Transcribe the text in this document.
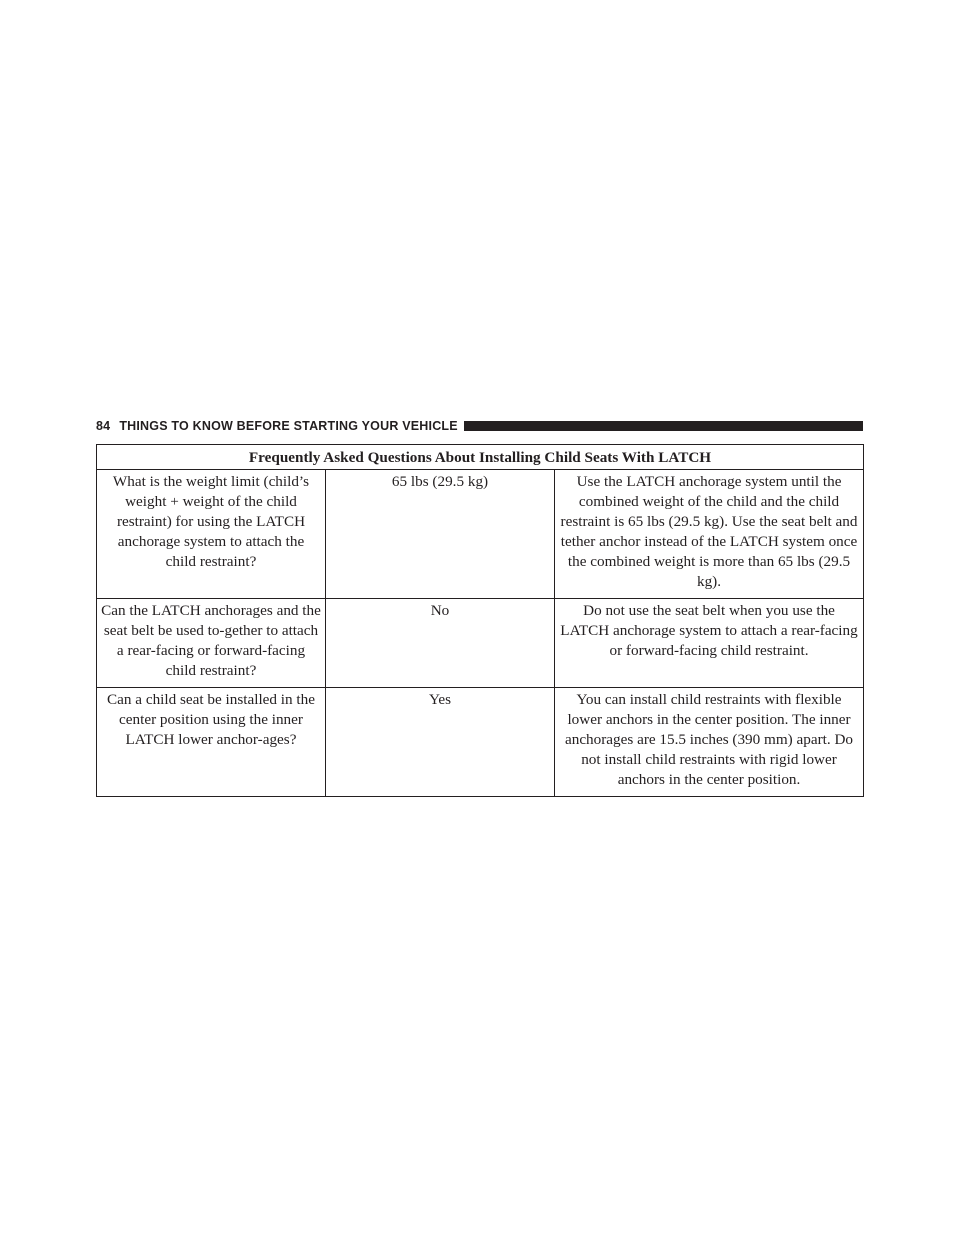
84 THINGS TO KNOW BEFORE STARTING YOUR VEHICLE
Frequently Asked Questions About Installing Child Seats With LATCH		
What is the weight limit (child’s weight + weight of the child restraint) for using the LATCH anchorage system to attach the child restraint?	65 lbs (29.5 kg)	Use the LATCH anchorage system until the combined weight of the child and the child restraint is 65 lbs (29.5 kg). Use the seat belt and tether anchor instead of the LATCH system once the combined weight is more than 65 lbs (29.5 kg).
Can the LATCH anchorages and the seat belt be used to-gether to attach a rear-facing or forward-facing child restraint?	No	Do not use the seat belt when you use the LATCH anchorage system to attach a rear-facing or forward-facing child restraint.
Can a child seat be installed in the center position using the inner LATCH lower anchor-ages?	Yes	You can install child restraints with flexible lower anchors in the center position. The inner anchorages are 15.5 inches (390 mm) apart. Do not install child restraints with rigid lower anchors in the center position.
